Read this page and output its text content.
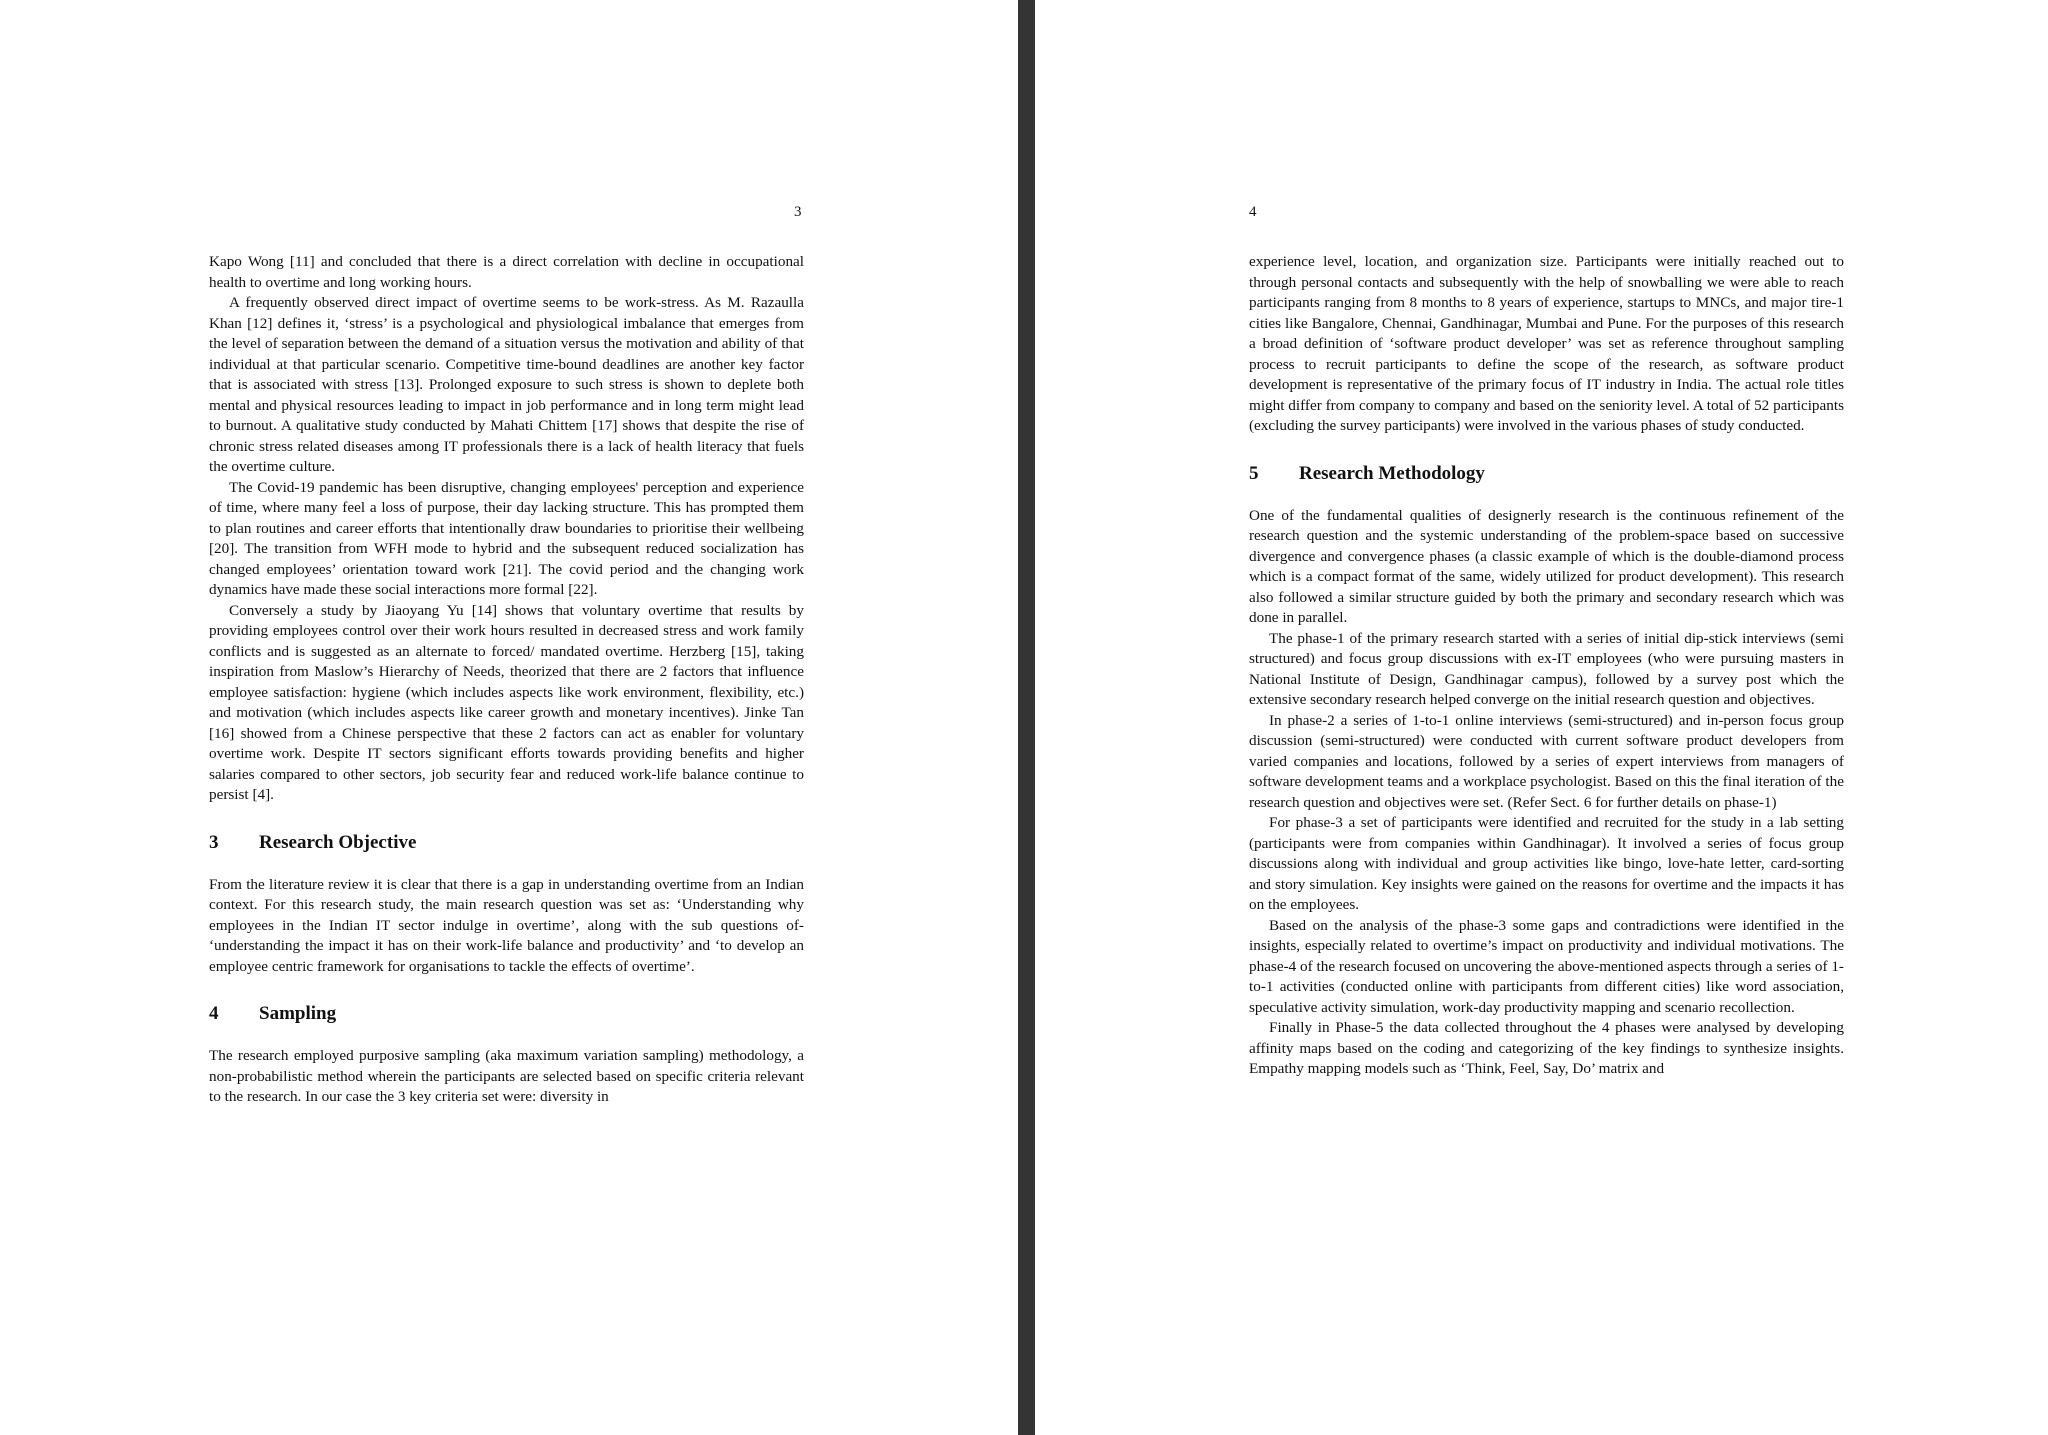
3

Kapo Wong [11] and concluded that there is a direct correlation with decline in occupational health to overtime and long working hours.

A frequently observed direct impact of overtime seems to be work-stress. As M. Razaulla Khan [12] defines it, ‘stress’ is a psychological and physiological imbalance that emerges from the level of separation between the demand of a situation versus the motivation and ability of that individual at that particular scenario. Competitive time-bound deadlines are another key factor that is associated with stress [13]. Prolonged exposure to such stress is shown to deplete both mental and physical resources leading to impact in job performance and in long term might lead to burnout. A qualitative study conducted by Mahati Chittem [17] shows that despite the rise of chronic stress related diseases among IT professionals there is a lack of health literacy that fuels the overtime culture.

The Covid-19 pandemic has been disruptive, changing employees' perception and experience of time, where many feel a loss of purpose, their day lacking structure. This has prompted them to plan routines and career efforts that intentionally draw boundaries to prioritise their wellbeing [20]. The transition from WFH mode to hybrid and the subsequent reduced socialization has changed employees’ orientation toward work [21]. The covid period and the changing work dynamics have made these social interactions more formal [22].

Conversely a study by Jiaoyang Yu [14] shows that voluntary overtime that results by providing employees control over their work hours resulted in decreased stress and work family conflicts and is suggested as an alternate to forced/ mandated overtime. Herzberg [15], taking inspiration from Maslow’s Hierarchy of Needs, theorized that there are 2 factors that influence employee satisfaction: hygiene (which includes aspects like work environment, flexibility, etc.) and motivation (which includes aspects like career growth and monetary incentives). Jinke Tan [16] showed from a Chinese perspective that these 2 factors can act as enabler for voluntary overtime work. Despite IT sectors significant efforts towards providing benefits and higher salaries compared to other sectors, job security fear and reduced work-life balance continue to persist [4].

3 Research Objective

From the literature review it is clear that there is a gap in understanding overtime from an Indian context. For this research study, the main research question was set as: ‘Understanding why employees in the Indian IT sector indulge in overtime’, along with the sub questions of- ‘understanding the impact it has on their work-life balance and productivity’ and ‘to develop an employee centric framework for organisations to tackle the effects of overtime’.

4 Sampling

The research employed purposive sampling (aka maximum variation sampling) methodology, a non-probabilistic method wherein the participants are selected based on specific criteria relevant to the research. In our case the 3 key criteria set were: diversity in

4

experience level, location, and organization size. Participants were initially reached out to through personal contacts and subsequently with the help of snowballing we were able to reach participants ranging from 8 months to 8 years of experience, startups to MNCs, and major tire-1 cities like Bangalore, Chennai, Gandhinagar, Mumbai and Pune. For the purposes of this research a broad definition of ‘software product developer’ was set as reference throughout sampling process to recruit participants to define the scope of the research, as software product development is representative of the primary focus of IT industry in India. The actual role titles might differ from company to company and based on the seniority level. A total of 52 participants (excluding the survey participants) were involved in the various phases of study conducted.

5 Research Methodology

One of the fundamental qualities of designerly research is the continuous refinement of the research question and the systemic understanding of the problem-space based on successive divergence and convergence phases (a classic example of which is the double-diamond process which is a compact format of the same, widely utilized for product development). This research also followed a similar structure guided by both the primary and secondary research which was done in parallel.

The phase-1 of the primary research started with a series of initial dip-stick interviews (semi structured) and focus group discussions with ex-IT employees (who were pursuing masters in National Institute of Design, Gandhinagar campus), followed by a survey post which the extensive secondary research helped converge on the initial research question and objectives.

In phase-2 a series of 1-to-1 online interviews (semi-structured) and in-person focus group discussion (semi-structured) were conducted with current software product developers from varied companies and locations, followed by a series of expert interviews from managers of software development teams and a workplace psychologist. Based on this the final iteration of the research question and objectives were set. (Refer Sect. 6 for further details on phase-1)

For phase-3 a set of participants were identified and recruited for the study in a lab setting (participants were from companies within Gandhinagar). It involved a series of focus group discussions along with individual and group activities like bingo, love-hate letter, card-sorting and story simulation. Key insights were gained on the reasons for overtime and the impacts it has on the employees.

Based on the analysis of the phase-3 some gaps and contradictions were identified in the insights, especially related to overtime’s impact on productivity and individual motivations. The phase-4 of the research focused on uncovering the above-mentioned aspects through a series of 1-to-1 activities (conducted online with participants from different cities) like word association, speculative activity simulation, work-day productivity mapping and scenario recollection.

Finally in Phase-5 the data collected throughout the 4 phases were analysed by developing affinity maps based on the coding and categorizing of the key findings to synthesize insights. Empathy mapping models such as ‘Think, Feel, Say, Do’ matrix and
